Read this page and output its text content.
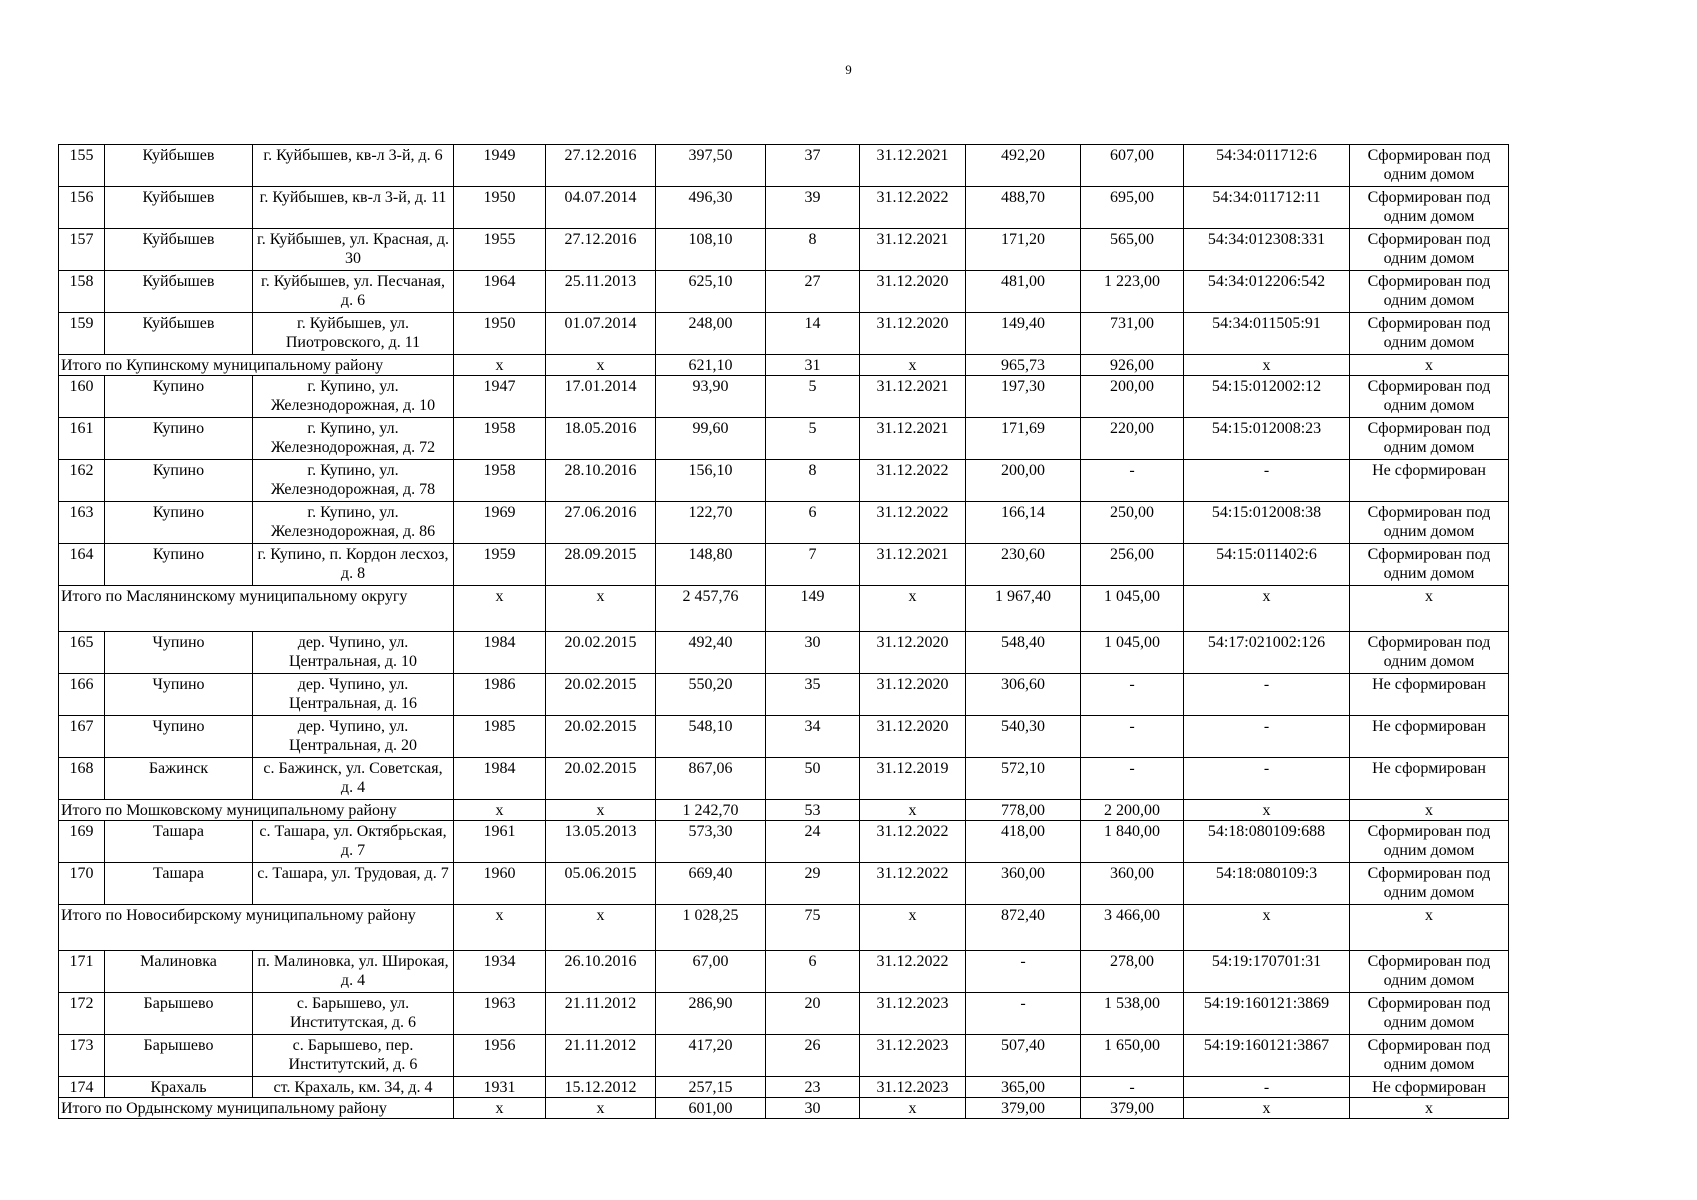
9
155	Куйбышев	г. Куйбышев, кв-л 3-й, д. 6	1949	27.12.2016	397,50	37	31.12.2021	492,20	607,00	54:34:011712:6	Сформирован под одним домом
156	Куйбышев	г. Куйбышев, кв-л 3-й, д. 11	1950	04.07.2014	496,30	39	31.12.2022	488,70	695,00	54:34:011712:11	Сформирован под одним домом
157	Куйбышев	г. Куйбышев, ул. Красная, д. 30	1955	27.12.2016	108,10	8	31.12.2021	171,20	565,00	54:34:012308:331	Сформирован под одним домом
158	Куйбышев	г. Куйбышев, ул. Песчаная, д. 6	1964	25.11.2013	625,10	27	31.12.2020	481,00	1 223,00	54:34:012206:542	Сформирован под одним домом
159	Куйбышев	г. Куйбышев, ул. Пиотровского, д. 11	1950	01.07.2014	248,00	14	31.12.2020	149,40	731,00	54:34:011505:91	Сформирован под одним домом
Итого по Купинскому муниципальному району			х	х	621,10	31	х	965,73	926,00	х	х
160	Купино	г. Купино, ул. Железнодорожная, д. 10	1947	17.01.2014	93,90	5	31.12.2021	197,30	200,00	54:15:012002:12	Сформирован под одним домом
161	Купино	г. Купино, ул. Железнодорожная, д. 72	1958	18.05.2016	99,60	5	31.12.2021	171,69	220,00	54:15:012008:23	Сформирован под одним домом
162	Купино	г. Купино, ул. Железнодорожная, д. 78	1958	28.10.2016	156,10	8	31.12.2022	200,00	-	-	Не сформирован
163	Купино	г. Купино, ул. Железнодорожная, д. 86	1969	27.06.2016	122,70	6	31.12.2022	166,14	250,00	54:15:012008:38	Сформирован под одним домом
164	Купино	г. Купино, п. Кордон лесхоз, д. 8	1959	28.09.2015	148,80	7	31.12.2021	230,60	256,00	54:15:011402:6	Сформирован под одним домом
Итого по Маслянинскому муниципальному округу			х	х	2 457,76	149	х	1 967,40	1 045,00	х	х
165	Чупино	дер. Чупино, ул. Центральная, д. 10	1984	20.02.2015	492,40	30	31.12.2020	548,40	1 045,00	54:17:021002:126	Сформирован под одним домом
166	Чупино	дер. Чупино, ул. Центральная, д. 16	1986	20.02.2015	550,20	35	31.12.2020	306,60	-	-	Не сформирован
167	Чупино	дер. Чупино, ул. Центральная, д. 20	1985	20.02.2015	548,10	34	31.12.2020	540,30	-	-	Не сформирован
168	Бажинск	с. Бажинск, ул. Советская, д. 4	1984	20.02.2015	867,06	50	31.12.2019	572,10	-	-	Не сформирован
Итого по Мошковскому муниципальному району			х	х	1 242,70	53	х	778,00	2 200,00	х	х
169	Ташара	с. Ташара, ул. Октябрьская, д. 7	1961	13.05.2013	573,30	24	31.12.2022	418,00	1 840,00	54:18:080109:688	Сформирован под одним домом
170	Ташара	с. Ташара, ул. Трудовая, д. 7	1960	05.06.2015	669,40	29	31.12.2022	360,00	360,00	54:18:080109:3	Сформирован под одним домом
Итого по Новосибирскому муниципальному району			х	х	1 028,25	75	х	872,40	3 466,00	х	х
171	Малиновка	п. Малиновка, ул. Широкая, д. 4	1934	26.10.2016	67,00	6	31.12.2022	-	278,00	54:19:170701:31	Сформирован под одним домом
172	Барышево	с. Барышево, ул. Институтская, д. 6	1963	21.11.2012	286,90	20	31.12.2023	-	1 538,00	54:19:160121:3869	Сформирован под одним домом
173	Барышево	с. Барышево, пер. Институтский, д. 6	1956	21.11.2012	417,20	26	31.12.2023	507,40	1 650,00	54:19:160121:3867	Сформирован под одним домом
174	Крахаль	ст. Крахаль, км. 34, д. 4	1931	15.12.2012	257,15	23	31.12.2023	365,00	-	-	Не сформирован
Итого по Ордынскому муниципальному району			х	х	601,00	30	х	379,00	379,00	х	х
